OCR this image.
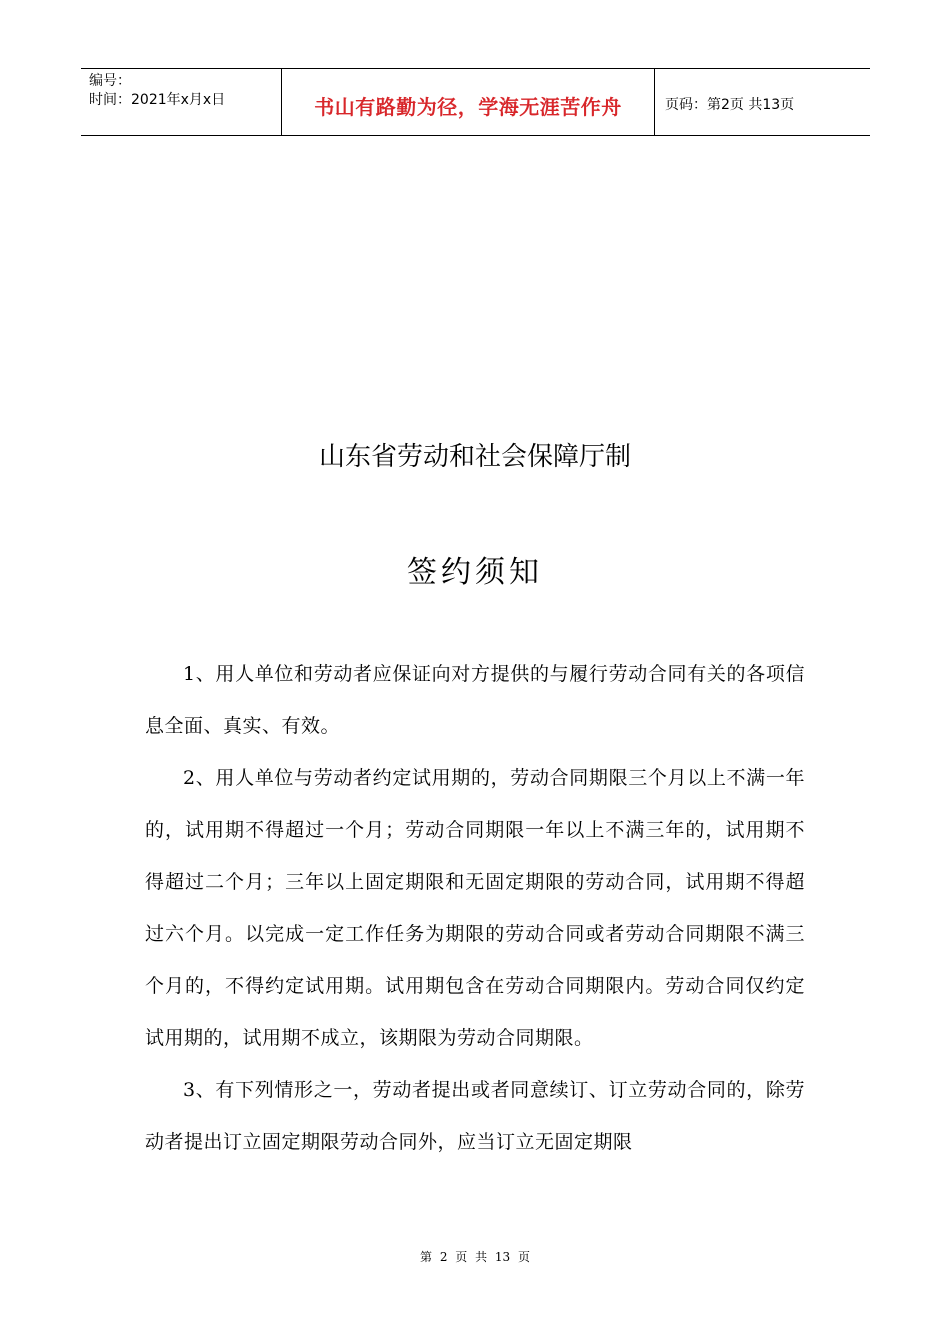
编号：
时间：2021年x月x日	书山有路勤为径，学海无涯苦作舟	页码：第2页 共13页
山东省劳动和社会保障厅制
签约须知

1、用人单位和劳动者应保证向对方提供的与履行劳动合同有关的各项信息全面、真实、有效。

2、用人单位与劳动者约定试用期的，劳动合同期限三个月以上不满一年的，试用期不得超过一个月；劳动合同期限一年以上不满三年的，试用期不得超过二个月；三年以上固定期限和无固定期限的劳动合同，试用期不得超过六个月。以完成一定工作任务为期限的劳动合同或者劳动合同期限不满三个月的，不得约定试用期。试用期包含在劳动合同期限内。劳动合同仅约定试用期的，试用期不成立，该期限为劳动合同期限。

3、有下列情形之一，劳动者提出或者同意续订、订立劳动合同的，除劳动者提出订立固定期限劳动合同外，应当订立无固定期限

第 2 页 共 13 页
